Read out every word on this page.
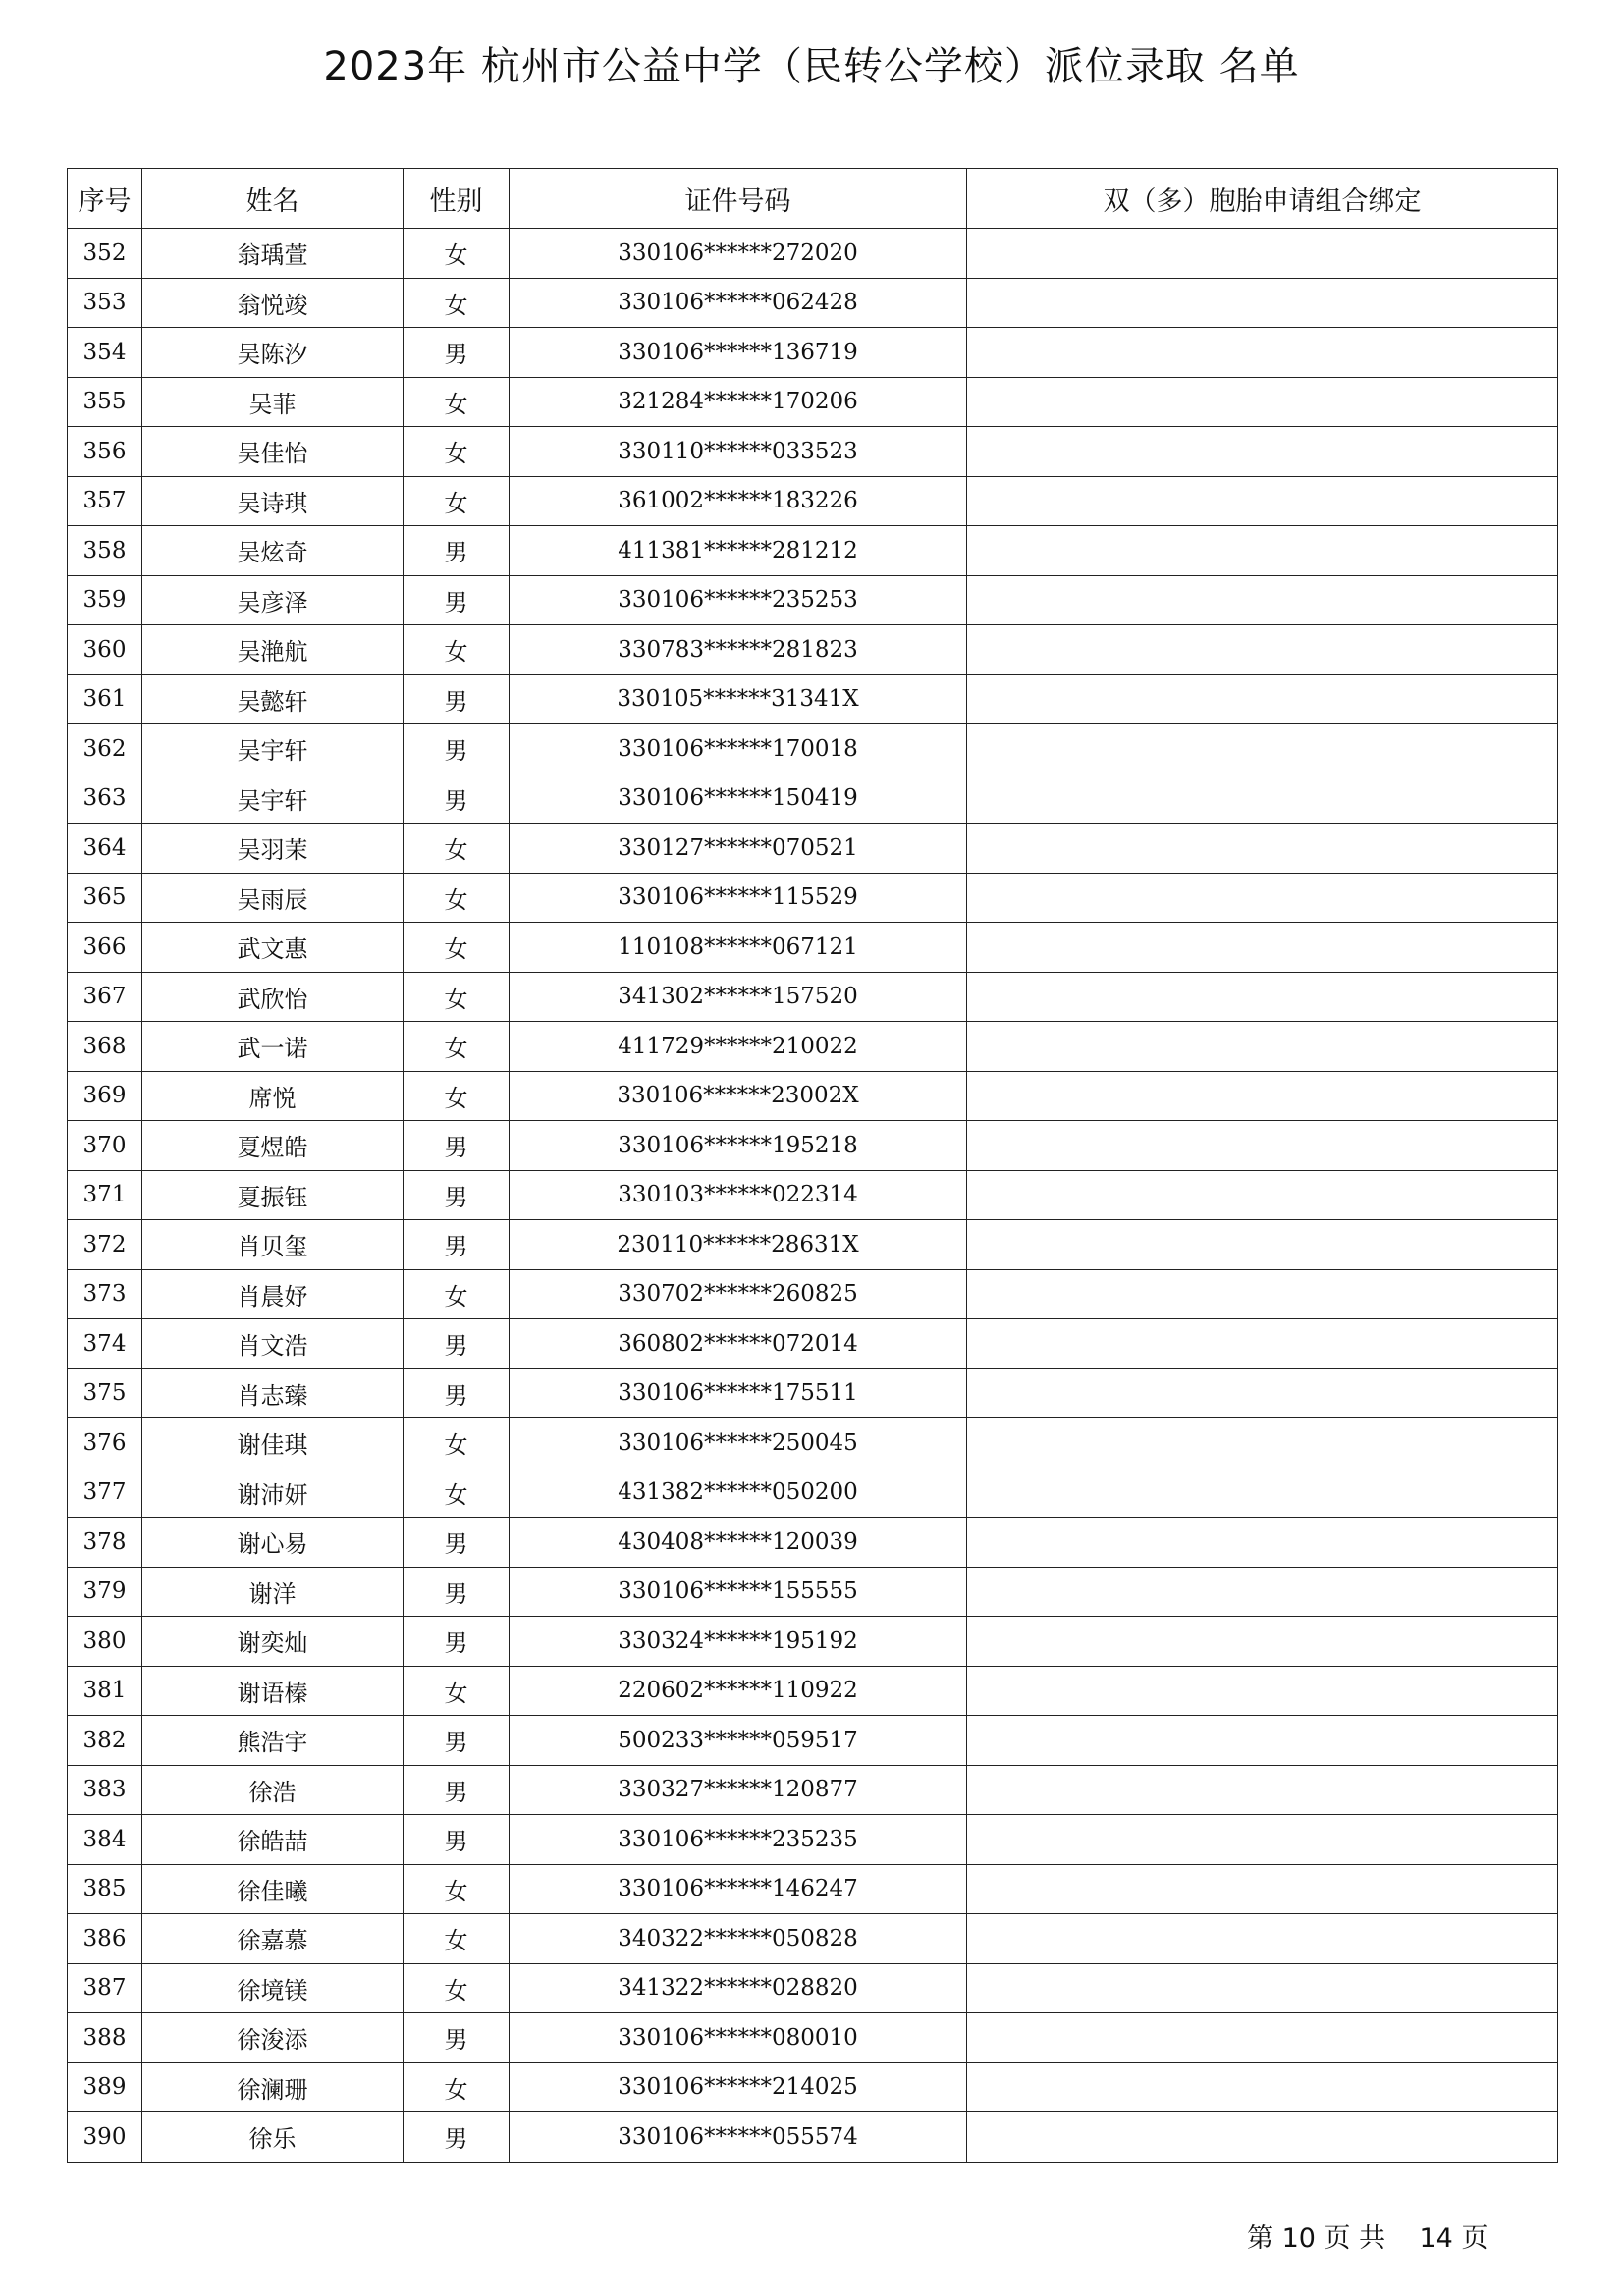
2023年 杭州市公益中学（民转公学校）派位录取 名单
序号	姓名	性别	证件号码	双（多）胞胎申请组合绑定
352	翁瑀萱	女	330106******272020	
353	翁悦竣	女	330106******062428	
354	吴陈汐	男	330106******136719	
355	吴菲	女	321284******170206	
356	吴佳怡	女	330110******033523	
357	吴诗琪	女	361002******183226	
358	吴炫奇	男	411381******281212	
359	吴彦泽	男	330106******235253	
360	吴滟航	女	330783******281823	
361	吴懿轩	男	330105******31341X	
362	吴宇轩	男	330106******170018	
363	吴宇轩	男	330106******150419	
364	吴羽茉	女	330127******070521	
365	吴雨辰	女	330106******115529	
366	武文惠	女	110108******067121	
367	武欣怡	女	341302******157520	
368	武一诺	女	411729******210022	
369	席悦	女	330106******23002X	
370	夏煜皓	男	330106******195218	
371	夏振钰	男	330103******022314	
372	肖贝玺	男	230110******28631X	
373	肖晨妤	女	330702******260825	
374	肖文浩	男	360802******072014	
375	肖志臻	男	330106******175511	
376	谢佳琪	女	330106******250045	
377	谢沛妍	女	431382******050200	
378	谢心易	男	430408******120039	
379	谢洋	男	330106******155555	
380	谢奕灿	男	330324******195192	
381	谢语榛	女	220602******110922	
382	熊浩宇	男	500233******059517	
383	徐浩	男	330327******120877	
384	徐皓喆	男	330106******235235	
385	徐佳曦	女	330106******146247	
386	徐嘉慕	女	340322******050828	
387	徐境镁	女	341322******028820	
388	徐浚添	男	330106******080010	
389	徐澜珊	女	330106******214025	
390	徐乐	男	330106******055574	
第 10 页 共 14 页
